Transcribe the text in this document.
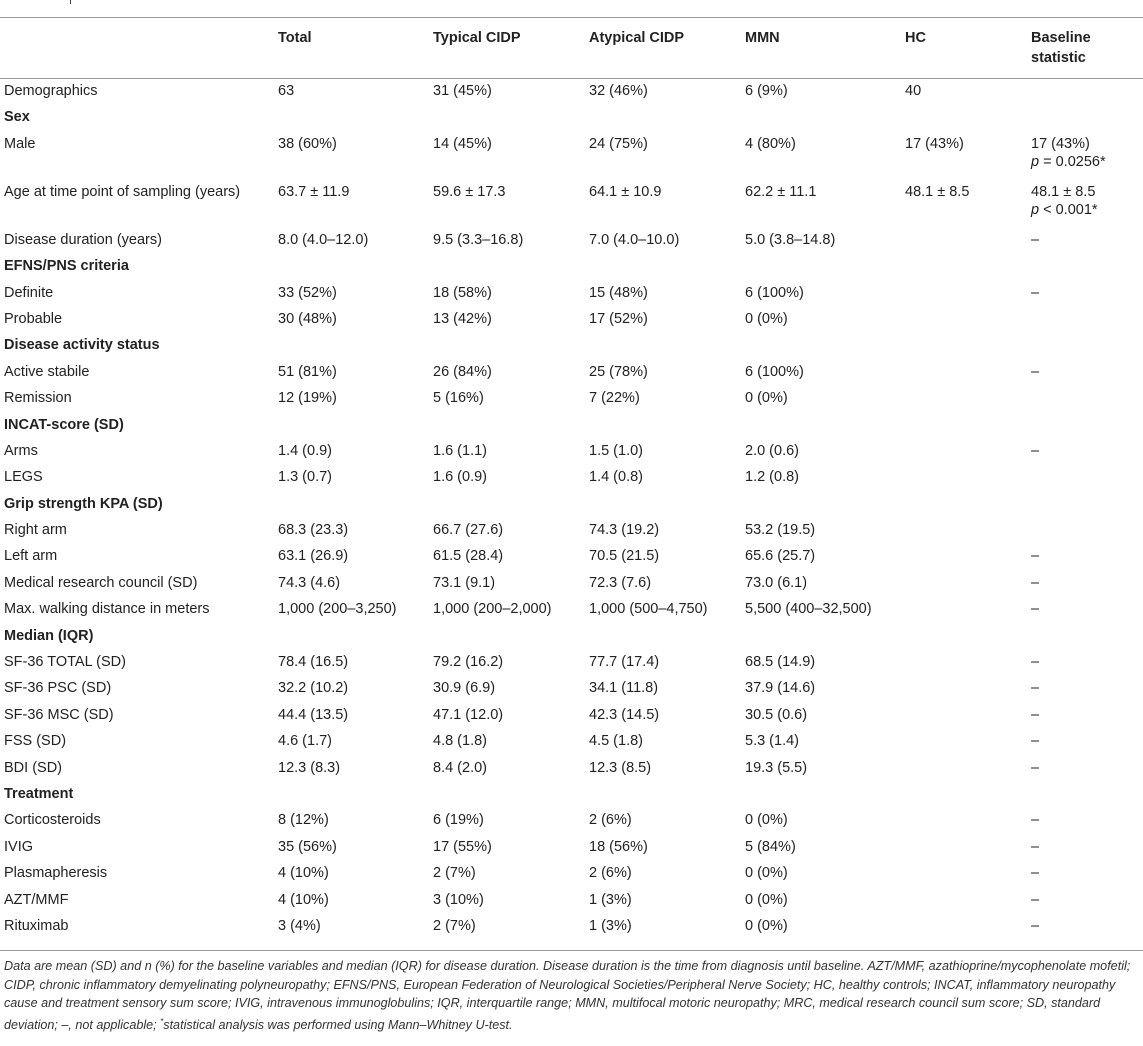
	Total	Typical CIDP	Atypical CIDP	MMN	HC	Baseline statistic
Demographics	63	31 (45%)	32 (46%)	6 (9%)	40	
Sex						
Male	38 (60%)	14 (45%)	24 (75%)	4 (80%)	17 (43%)	17 (43%)
p = 0.0256*

Age at time point of sampling (years)	63.7 ± 11.9	59.6 ± 17.3	64.1 ± 10.9	62.2 ± 11.1	48.1 ± 8.5	48.1 ± 8.5
p < 0.001*

Disease duration (years)	8.0 (4.0–12.0)	9.5 (3.3–16.8)	7.0 (4.0–10.0)	5.0 (3.8–14.8)		–
EFNS/PNS criteria						
Definite	33 (52%)	18 (58%)	15 (48%)	6 (100%)		–
Probable	30 (48%)	13 (42%)	17 (52%)	0 (0%)		
Disease activity status						
Active stabile	51 (81%)	26 (84%)	25 (78%)	6 (100%)		–
Remission	12 (19%)	5 (16%)	7 (22%)	0 (0%)		
INCAT-score (SD)						
Arms	1.4 (0.9)	1.6 (1.1)	1.5 (1.0)	2.0 (0.6)		–
LEGS	1.3 (0.7)	1.6 (0.9)	1.4 (0.8)	1.2 (0.8)		
Grip strength KPA (SD)						
Right arm	68.3 (23.3)	66.7 (27.6)	74.3 (19.2)	53.2 (19.5)		
Left arm	63.1 (26.9)	61.5 (28.4)	70.5 (21.5)	65.6 (25.7)		–
Medical research council (SD)	74.3 (4.6)	73.1 (9.1)	72.3 (7.6)	73.0 (6.1)		–
Max. walking distance in meters	1,000 (200–3,250)	1,000 (200–2,000)	1,000 (500–4,750)	5,500 (400–32,500)		–
Median (IQR)						
SF-36 TOTAL (SD)	78.4 (16.5)	79.2 (16.2)	77.7 (17.4)	68.5 (14.9)		–
SF-36 PSC (SD)	32.2 (10.2)	30.9 (6.9)	34.1 (11.8)	37.9 (14.6)		–
SF-36 MSC (SD)	44.4 (13.5)	47.1 (12.0)	42.3 (14.5)	30.5 (0.6)		–
FSS (SD)	4.6 (1.7)	4.8 (1.8)	4.5 (1.8)	5.3 (1.4)		–
BDI (SD)	12.3 (8.3)	8.4 (2.0)	12.3 (8.5)	19.3 (5.5)		–
Treatment						
Corticosteroids	8 (12%)	6 (19%)	2 (6%)	0 (0%)		–
IVIG	35 (56%)	17 (55%)	18 (56%)	5 (84%)		–
Plasmapheresis	4 (10%)	2 (7%)	2 (6%)	0 (0%)		–
AZT/MMF	4 (10%)	3 (10%)	1 (3%)	0 (0%)		–
Rituximab	3 (4%)	2 (7%)	1 (3%)	0 (0%)		–
Data are mean (SD) and n (%) for the baseline variables and median (IQR) for disease duration. Disease duration is the time from diagnosis until baseline. AZT/MMF, azathioprine/mycophenolate mofetil; CIDP, chronic inflammatory demyelinating polyneuropathy; EFNS/PNS, European Federation of Neurological Societies/Peripheral Nerve Society; HC, healthy controls; INCAT, inflammatory neuropathy cause and treatment sensory sum score; IVIG, intravenous immunoglobulins; IQR, interquartile range; MMN, multifocal motoric neuropathy; MRC, medical research council sum score; SD, standard deviation; –, not applicable; *statistical analysis was performed using Mann–Whitney U-test.
